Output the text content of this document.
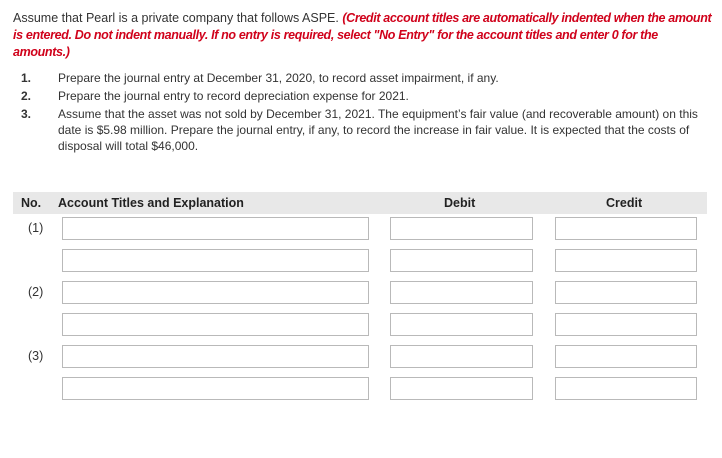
Assume that Pearl is a private company that follows ASPE. (Credit account titles are automatically indented when the amount is entered. Do not indent manually. If no entry is required, select "No Entry" for the account titles and enter 0 for the amounts.)
1. Prepare the journal entry at December 31, 2020, to record asset impairment, if any.
2. Prepare the journal entry to record depreciation expense for 2021.
3. Assume that the asset was not sold by December 31, 2021. The equipment’s fair value (and recoverable amount) on this date is $5.98 million. Prepare the journal entry, if any, to record the increase in fair value. It is expected that the costs of disposal will total $46,000.
No. Account Titles and Explanation	Debit	Credit
(1)
(2)
(3)
